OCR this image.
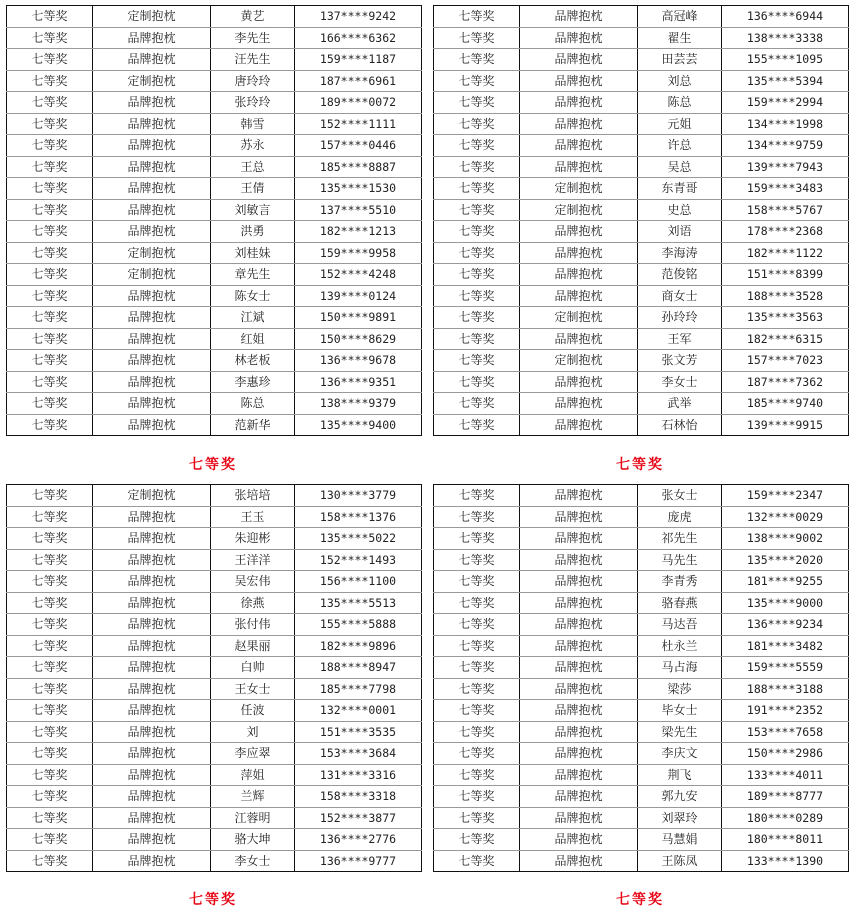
七等奖	定制抱枕	黄艺	137****9242
七等奖	品牌抱枕	李先生	166****6362
七等奖	品牌抱枕	汪先生	159****1187
七等奖	定制抱枕	唐玲玲	187****6961
七等奖	品牌抱枕	张玲玲	189****0072
七等奖	品牌抱枕	韩雪	152****1111
七等奖	品牌抱枕	苏永	157****0446
七等奖	品牌抱枕	王总	185****8887
七等奖	品牌抱枕	王倩	135****1530
七等奖	品牌抱枕	刘敏言	137****5510
七等奖	品牌抱枕	洪勇	182****1213
七等奖	定制抱枕	刘桂妹	159****9958
七等奖	定制抱枕	章先生	152****4248
七等奖	品牌抱枕	陈女士	139****0124
七等奖	品牌抱枕	江斌	150****9891
七等奖	品牌抱枕	红姐	150****8629
七等奖	品牌抱枕	林老板	136****9678
七等奖	品牌抱枕	李惠珍	136****9351
七等奖	品牌抱枕	陈总	138****9379
七等奖	品牌抱枕	范新华	135****9400
七等奖	品牌抱枕	高冠峰	136****6944
七等奖	品牌抱枕	翟生	138****3338
七等奖	品牌抱枕	田芸芸	155****1095
七等奖	品牌抱枕	刘总	135****5394
七等奖	品牌抱枕	陈总	159****2994
七等奖	品牌抱枕	元姐	134****1998
七等奖	品牌抱枕	许总	134****9759
七等奖	品牌抱枕	吴总	139****7943
七等奖	定制抱枕	东青哥	159****3483
七等奖	定制抱枕	史总	158****5767
七等奖	品牌抱枕	刘语	178****2368
七等奖	品牌抱枕	李海涛	182****1122
七等奖	品牌抱枕	范俊铭	151****8399
七等奖	品牌抱枕	商女士	188****3528
七等奖	定制抱枕	孙玲玲	135****3563
七等奖	品牌抱枕	王军	182****6315
七等奖	定制抱枕	张文芳	157****7023
七等奖	品牌抱枕	李女士	187****7362
七等奖	品牌抱枕	武举	185****9740
七等奖	品牌抱枕	石林怡	139****9915
七等奖	七等奖
七等奖	定制抱枕	张培培	130****3779
七等奖	品牌抱枕	王玉	158****1376
七等奖	品牌抱枕	朱迎彬	135****5022
七等奖	品牌抱枕	王洋洋	152****1493
七等奖	品牌抱枕	吴宏伟	156****1100
七等奖	品牌抱枕	徐燕	135****5513
七等奖	品牌抱枕	张付伟	155****5888
七等奖	品牌抱枕	赵果丽	182****9896
七等奖	品牌抱枕	白帅	188****8947
七等奖	品牌抱枕	王女士	185****7798
七等奖	品牌抱枕	任波	132****0001
七等奖	品牌抱枕	刘	151****3535
七等奖	品牌抱枕	李应翠	153****3684
七等奖	品牌抱枕	萍姐	131****3316
七等奖	品牌抱枕	兰辉	158****3318
七等奖	品牌抱枕	江蓉明	152****3877
七等奖	品牌抱枕	骆大坤	136****2776
七等奖	品牌抱枕	李女士	136****9777
七等奖	品牌抱枕	张女士	159****2347
七等奖	品牌抱枕	庞虎	132****0029
七等奖	品牌抱枕	祁先生	138****9002
七等奖	品牌抱枕	马先生	135****2020
七等奖	品牌抱枕	李青秀	181****9255
七等奖	品牌抱枕	骆春燕	135****9000
七等奖	品牌抱枕	马达吾	136****9234
七等奖	品牌抱枕	杜永兰	181****3482
七等奖	品牌抱枕	马占海	159****5559
七等奖	品牌抱枕	梁莎	188****3188
七等奖	品牌抱枕	毕女士	191****2352
七等奖	品牌抱枕	梁先生	153****7658
七等奖	品牌抱枕	李庆文	150****2986
七等奖	品牌抱枕	荆飞	133****4011
七等奖	品牌抱枕	郭九安	189****8777
七等奖	品牌抱枕	刘翠玲	180****0289
七等奖	品牌抱枕	马慧娟	180****8011
七等奖	品牌抱枕	王陈凤	133****1390
七等奖	七等奖
